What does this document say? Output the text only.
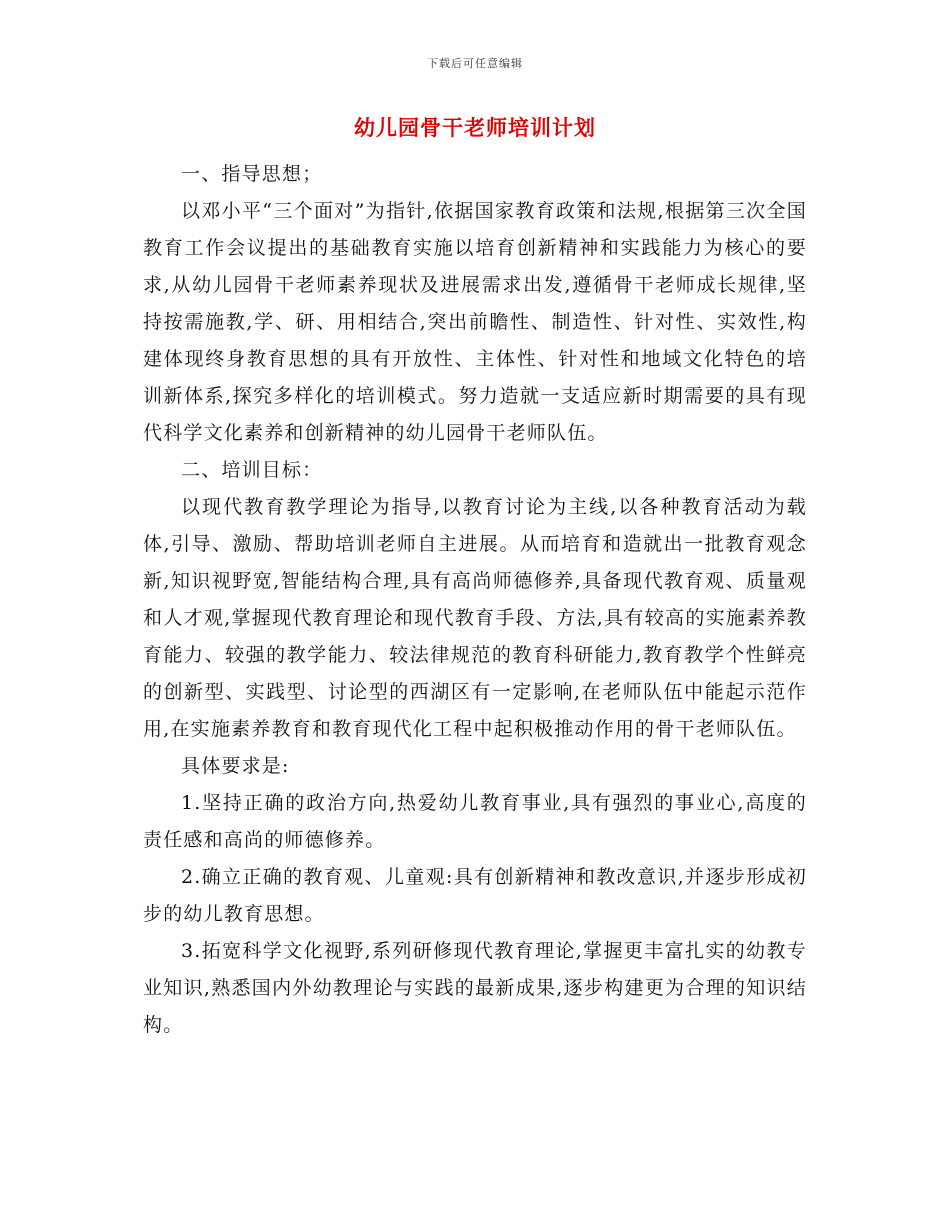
下载后可任意编辑
幼儿园骨干老师培训计划

一、指导思想；

以邓小平“三个面对”为指针,依据国家教育政策和法规,根据第三次全国教育工作会议提出的基础教育实施以培育创新精神和实践能力为核心的要求,从幼儿园骨干老师素养现状及进展需求出发,遵循骨干老师成长规律,坚持按需施教,学、研、用相结合,突出前瞻性、制造性、针对性、实效性,构建体现终身教育思想的具有开放性、主体性、针对性和地域文化特色的培训新体系,探究多样化的培训模式。努力造就一支适应新时期需要的具有现代科学文化素养和创新精神的幼儿园骨干老师队伍。

二、培训目标：

以现代教育教学理论为指导,以教育讨论为主线,以各种教育活动为载体,引导、激励、帮助培训老师自主进展。从而培育和造就出一批教育观念新,知识视野宽,智能结构合理,具有高尚师德修养,具备现代教育观、质量观和人才观,掌握现代教育理论和现代教育手段、方法,具有较高的实施素养教育能力、较强的教学能力、较法律规范的教育科研能力,教育教学个性鲜亮的创新型、实践型、讨论型的西湖区有一定影响,在老师队伍中能起示范作用,在实施素养教育和教育现代化工程中起积极推动作用的骨干老师队伍。

具体要求是:

1.坚持正确的政治方向,热爱幼儿教育事业,具有强烈的事业心,高度的责任感和高尚的师德修养。

2.确立正确的教育观、儿童观:具有创新精神和教改意识,并逐步形成初步的幼儿教育思想。

3.拓宽科学文化视野,系列研修现代教育理论,掌握更丰富扎实的幼教专业知识,熟悉国内外幼教理论与实践的最新成果,逐步构建更为合理的知识结构。
